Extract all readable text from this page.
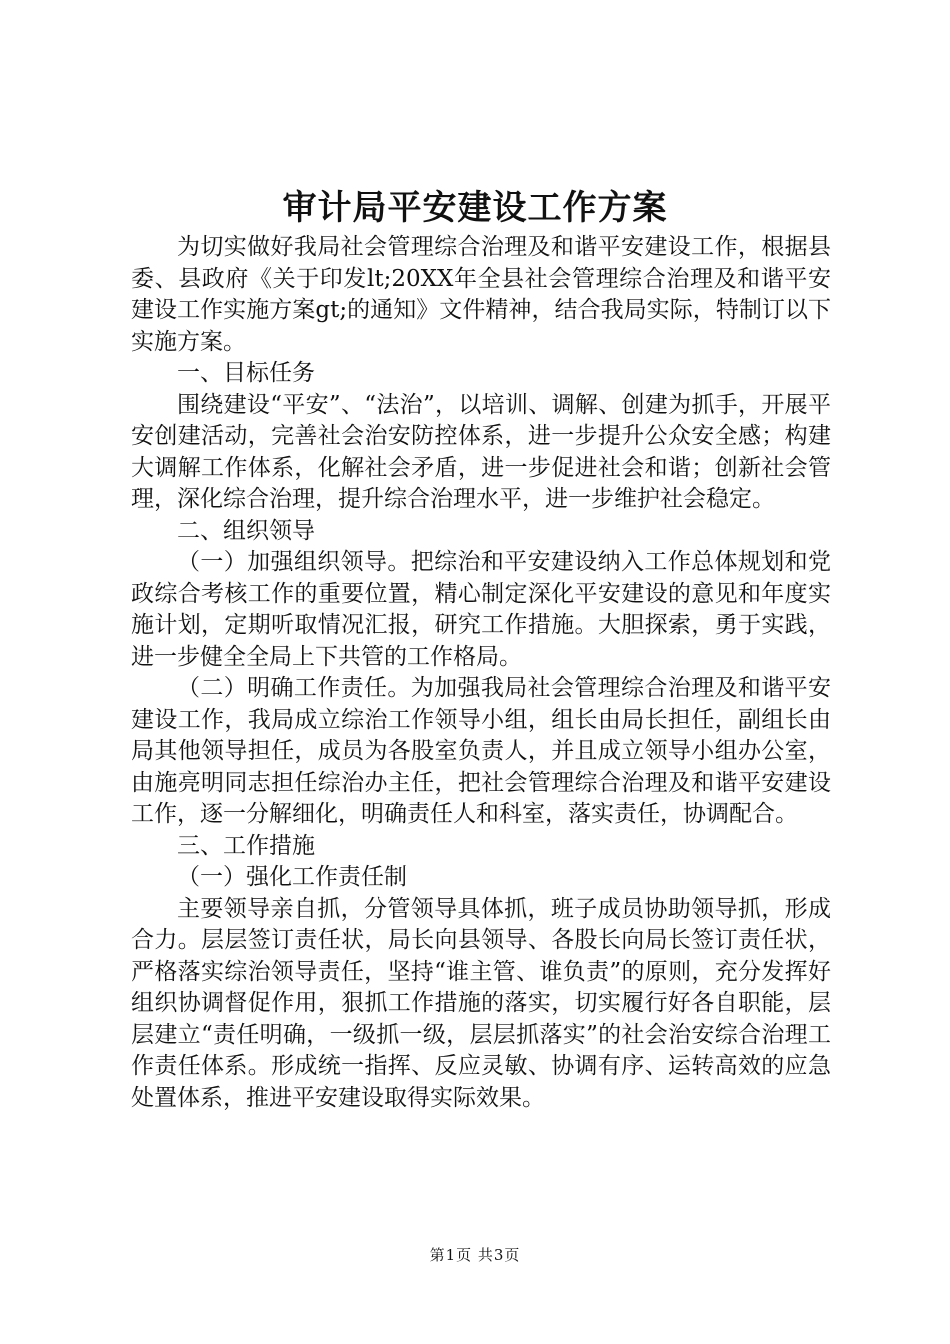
审计局平安建设工作方案

为切实做好我局社会管理综合治理及和谐平安建设工作，根据县委、县政府《关于印发lt;20XX年全县社会管理综合治理及和谐平安建设工作实施方案gt;的通知》文件精神，结合我局实际，特制订以下实施方案。

一、目标任务

围绕建设“平安”、“法治”，以培训、调解、创建为抓手，开展平安创建活动，完善社会治安防控体系，进一步提升公众安全感；构建大调解工作体系，化解社会矛盾，进一步促进社会和谐；创新社会管理，深化综合治理，提升综合治理水平，进一步维护社会稳定。

二、组织领导

（一）加强组织领导。把综治和平安建设纳入工作总体规划和党政综合考核工作的重要位置，精心制定深化平安建设的意见和年度实施计划，定期听取情况汇报，研究工作措施。大胆探索，勇于实践，进一步健全全局上下共管的工作格局。

（二）明确工作责任。为加强我局社会管理综合治理及和谐平安建设工作，我局成立综治工作领导小组，组长由局长担任，副组长由局其他领导担任，成员为各股室负责人，并且成立领导小组办公室，由施亮明同志担任综治办主任，把社会管理综合治理及和谐平安建设工作，逐一分解细化，明确责任人和科室，落实责任，协调配合。

三、工作措施

（一）强化工作责任制

主要领导亲自抓，分管领导具体抓，班子成员协助领导抓，形成合力。层层签订责任状，局长向县领导、各股长向局长签订责任状，严格落实综治领导责任，坚持“谁主管、谁负责”的原则，充分发挥好组织协调督促作用，狠抓工作措施的落实，切实履行好各自职能，层层建立“责任明确，一级抓一级，层层抓落实”的社会治安综合治理工作责任体系。形成统一指挥、反应灵敏、协调有序、运转高效的应急处置体系，推进平安建设取得实际效果。

第1页 共3页
